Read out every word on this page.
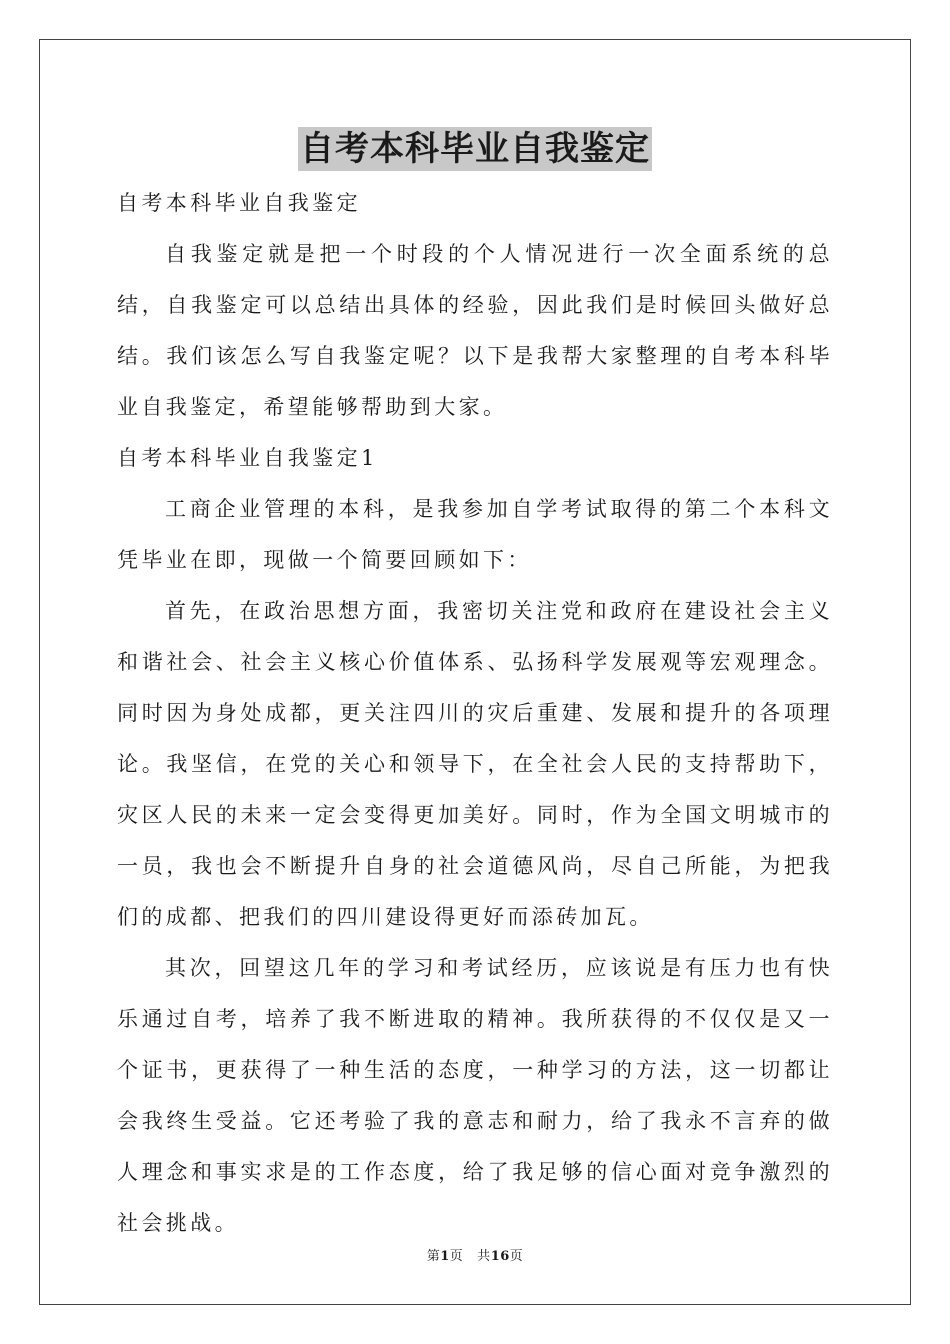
自考本科毕业自我鉴定

自考本科毕业自我鉴定

自我鉴定就是把一个时段的个人情况进行一次全面系统的总结，自我鉴定可以总结出具体的经验，因此我们是时候回头做好总结。我们该怎么写自我鉴定呢？以下是我帮大家整理的自考本科毕业自我鉴定，希望能够帮助到大家。

自考本科毕业自我鉴定1

工商企业管理的本科，是我参加自学考试取得的第二个本科文凭毕业在即，现做一个简要回顾如下：

首先，在政治思想方面，我密切关注党和政府在建设社会主义和谐社会、社会主义核心价值体系、弘扬科学发展观等宏观理念。同时因为身处成都，更关注四川的灾后重建、发展和提升的各项理论。我坚信，在党的关心和领导下，在全社会人民的支持帮助下，灾区人民的未来一定会变得更加美好。同时，作为全国文明城市的一员，我也会不断提升自身的社会道德风尚，尽自己所能，为把我们的成都、把我们的四川建设得更好而添砖加瓦。

其次，回望这几年的学习和考试经历，应该说是有压力也有快乐通过自考，培养了我不断进取的精神。我所获得的不仅仅是又一个证书，更获得了一种生活的态度，一种学习的方法，这一切都让会我终生受益。它还考验了我的意志和耐力，给了我永不言弃的做人理念和事实求是的工作态度，给了我足够的信心面对竞争激烈的社会挑战。

第1页 共16页
